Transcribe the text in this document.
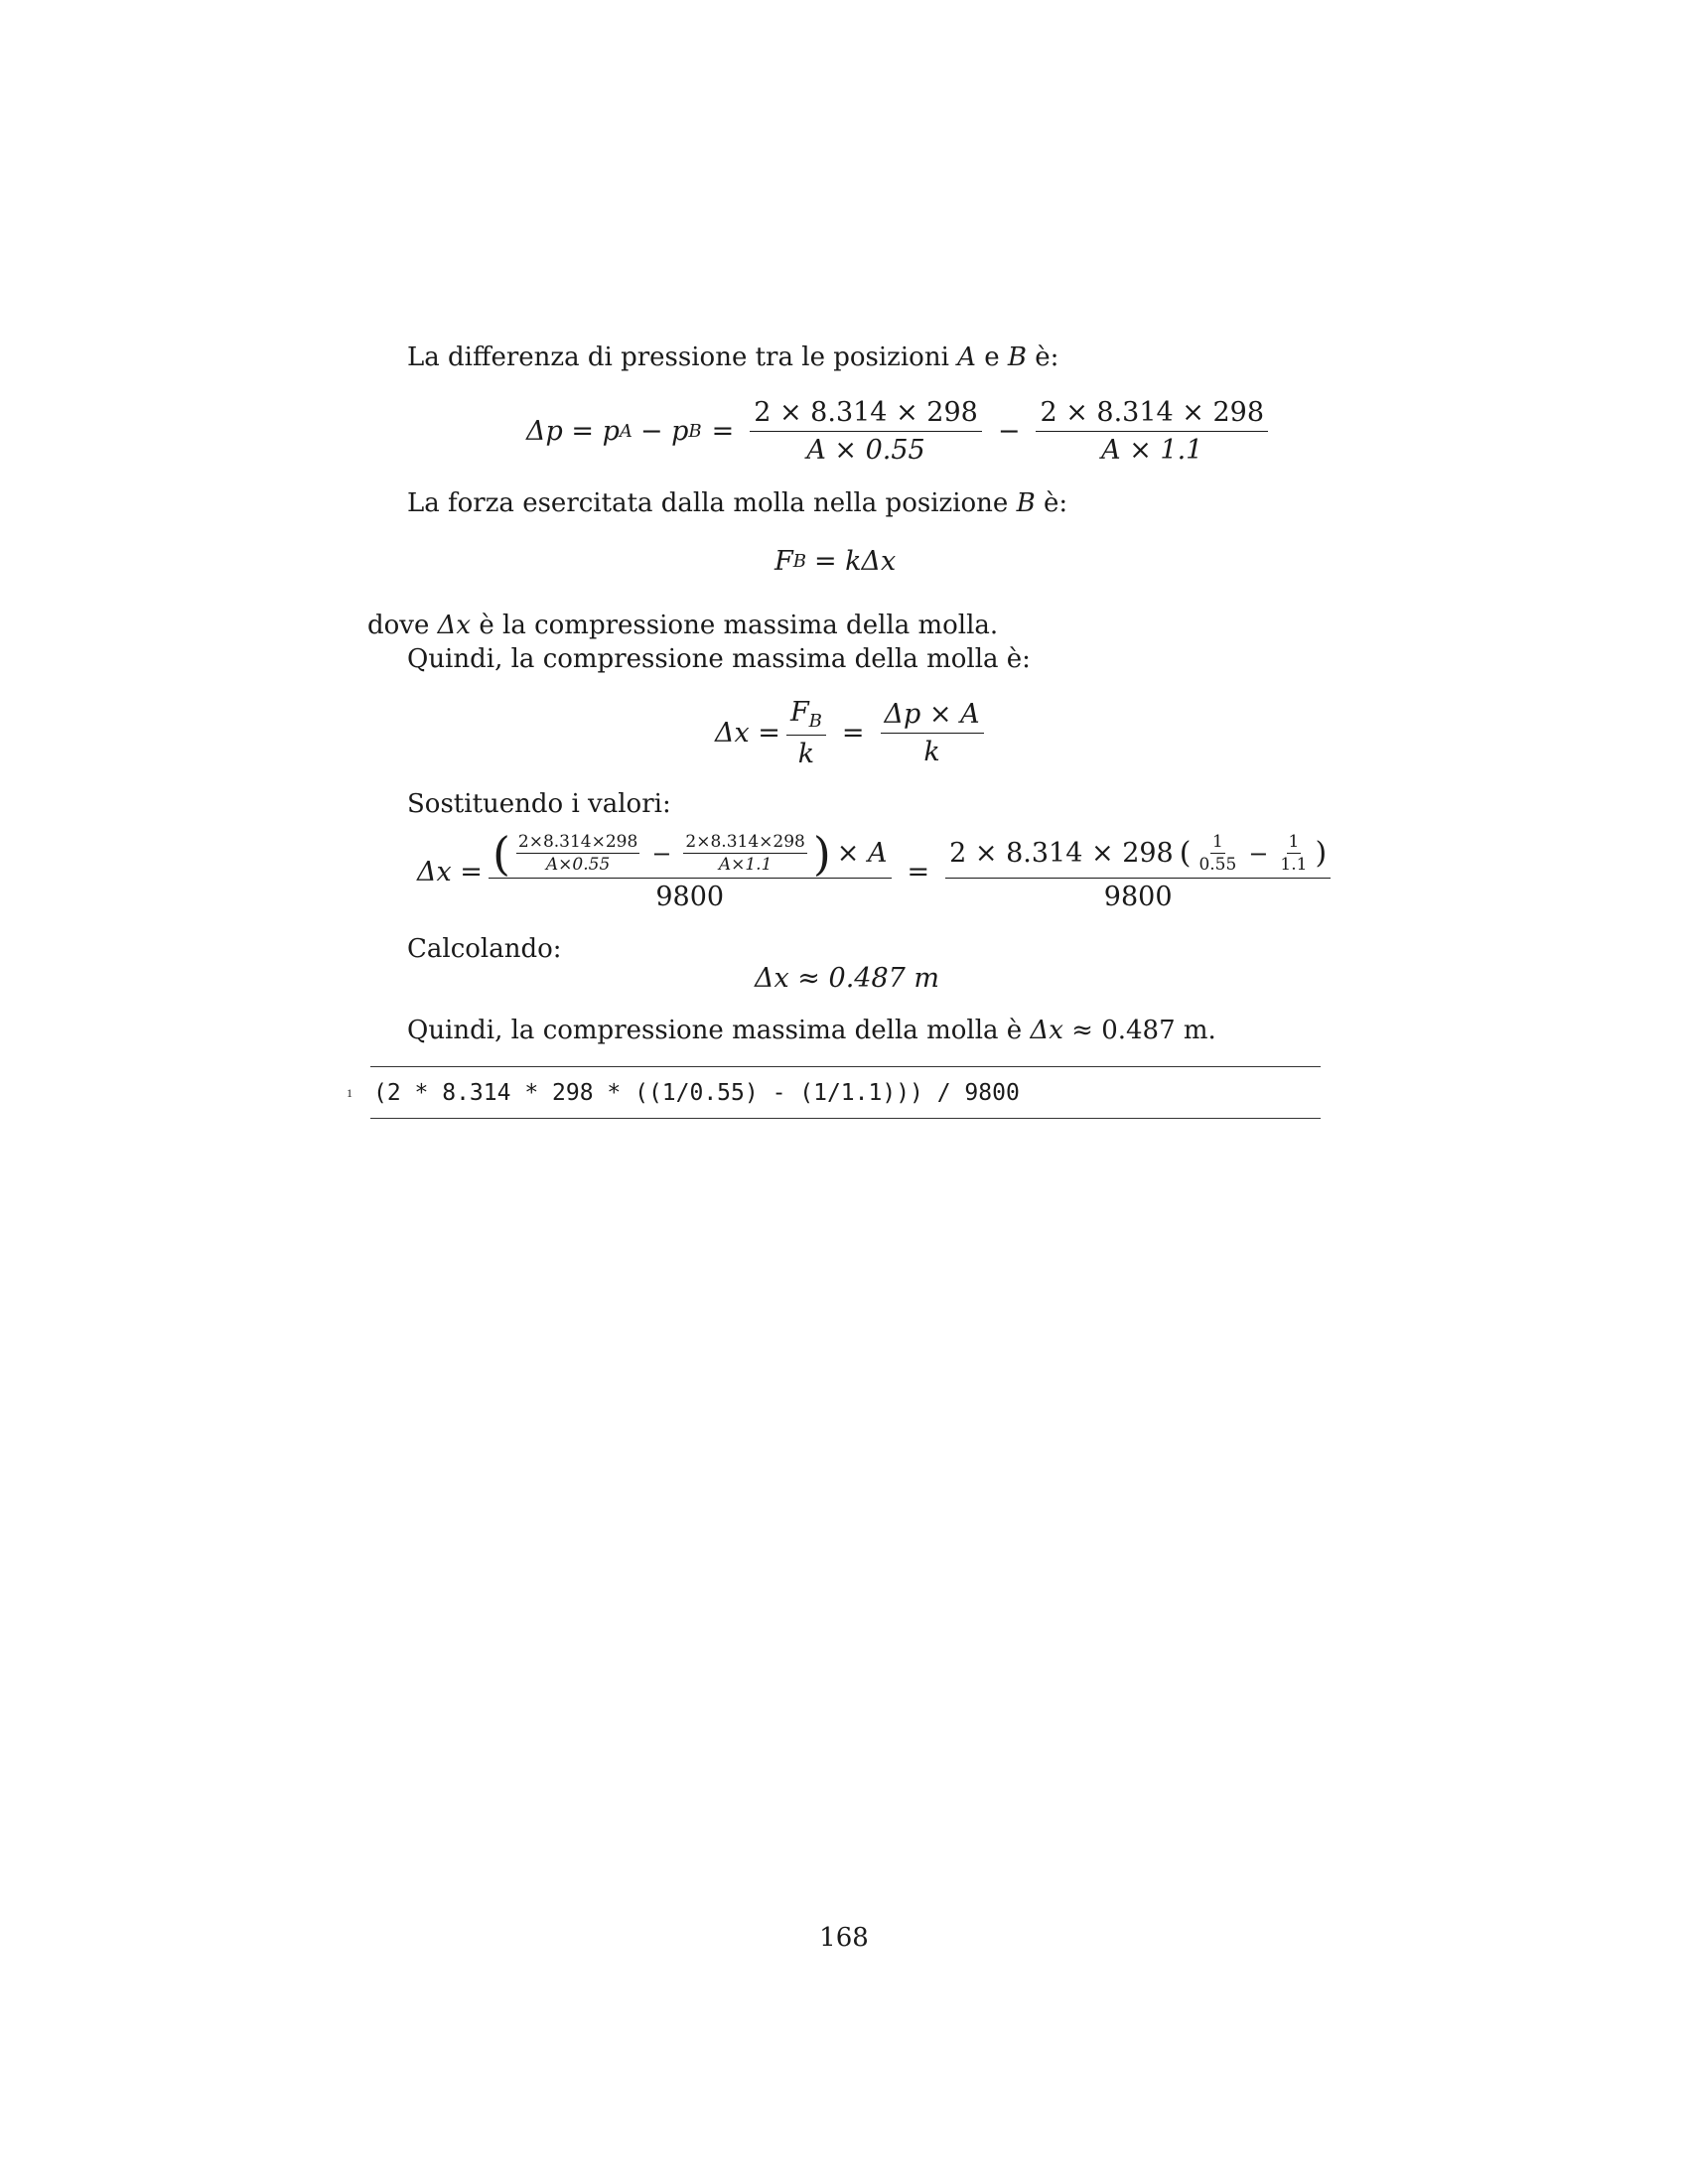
La differenza di pressione tra le posizioni A e B è:
Δp = p A − p $B = \frac{2 \times 8.314 \times 298}{A \times 0.55} - \frac{2 \times 8.314 \times 298}{A \times 1.1}$
La forza esercitata dalla molla nella posizione B è:
F B = kΔx
dove Δx è la compressione massima della molla.
Quindi, la compressione massima della molla è:
$\Delta x = \frac{F_B}{k} = \frac{\Delta p \times A}{k}$
Sostituendo i valori:
Δx = ( $\frac{2\times 8.314\times 298}{A\times 0.55} - \frac{2\times 8.314\times 298}{A\times 1.1}$ ) × A
9800
=
2 × 8.314 × 298 ( $\frac{1}{0.55} - \frac{1}{1.1}$ )
9800
Calcolando:
Δx ≈ 0.487 m
Quindi, la compressione massima della molla è Δx ≈ 0.487 m.
1 (2 * 8.314 * 298 * ((1/0.55) - (1/1.1))) / 9800
168
